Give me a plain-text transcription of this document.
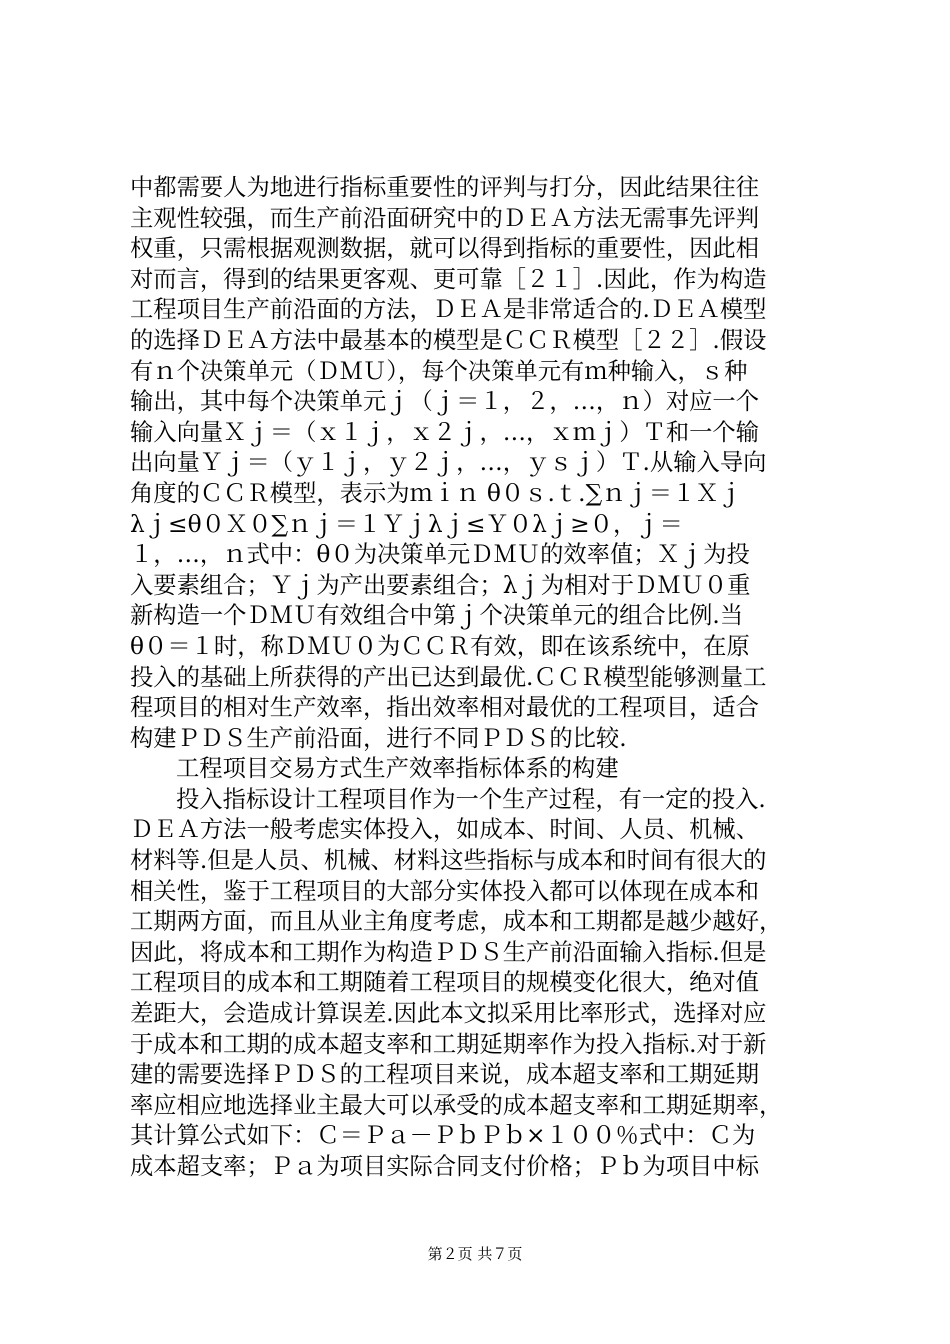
中都需要人为地进行指标重要性的评判与打分，因此结果往往
主观性较强，而生产前沿面研究中的ＤＥＡ方法无需事先评判
权重，只需根据观测数据，就可以得到指标的重要性，因此相
对而言，得到的结果更客观、更可靠［２１］.因此，作为构造
工程项目生产前沿面的方法，ＤＥＡ是非常适合的.ＤＥＡ模型
的选择ＤＥＡ方法中最基本的模型是ＣＣＲ模型［２２］.假设
有ｎ个决策单元（ＤＭＵ），每个决策单元有ｍ种输入，ｓ种
输出，其中每个决策单元ｊ（ｊ＝１，２，…，ｎ）对应一个
输入向量Ｘｊ＝（ｘ１ｊ，ｘ２ｊ，…，ｘｍｊ）Ｔ和一个输
出向量Ｙｊ＝（ｙ１ｊ，ｙ２ｊ，…，ｙｓｊ）Ｔ.从输入导向
角度的ＣＣＲ模型，表示为ｍｉｎ θ０ｓ.ｔ.∑ｎｊ＝１Ｘｊ
λｊ≤θ０Ｘ０∑ｎｊ＝１Ｙｊλｊ≤Ｙ０λｊ≥０，ｊ＝
１，…，ｎ式中：θ０为决策单元ＤＭＵ的效率值；Ｘｊ为投
入要素组合；Ｙｊ为产出要素组合；λｊ为相对于ＤＭＵ０重
新构造一个ＤＭＵ有效组合中第ｊ个决策单元的组合比例.当
θ０＝１时，称ＤＭＵ０为ＣＣＲ有效，即在该系统中，在原
投入的基础上所获得的产出已达到最优.ＣＣＲ模型能够测量工
程项目的相对生产效率，指出效率相对最优的工程项目，适合
构建ＰＤＳ生产前沿面，进行不同ＰＤＳ的比较.
工程项目交易方式生产效率指标体系的构建
投入指标设计工程项目作为一个生产过程，有一定的投入.
ＤＥＡ方法一般考虑实体投入，如成本、时间、人员、机械、
材料等.但是人员、机械、材料这些指标与成本和时间有很大的
相关性，鉴于工程项目的大部分实体投入都可以体现在成本和
工期两方面，而且从业主角度考虑，成本和工期都是越少越好，
因此，将成本和工期作为构造ＰＤＳ生产前沿面输入指标.但是
工程项目的成本和工期随着工程项目的规模变化很大，绝对值
差距大，会造成计算误差.因此本文拟采用比率形式，选择对应
于成本和工期的成本超支率和工期延期率作为投入指标.对于新
建的需要选择ＰＤＳ的工程项目来说，成本超支率和工期延期
率应相应地选择业主最大可以承受的成本超支率和工期延期率，
其计算公式如下：Ｃ＝Ｐａ－ＰｂＰｂ×１００％式中：Ｃ为
成本超支率；Ｐａ为项目实际合同支付价格；Ｐｂ为项目中标
第２页 共７页
